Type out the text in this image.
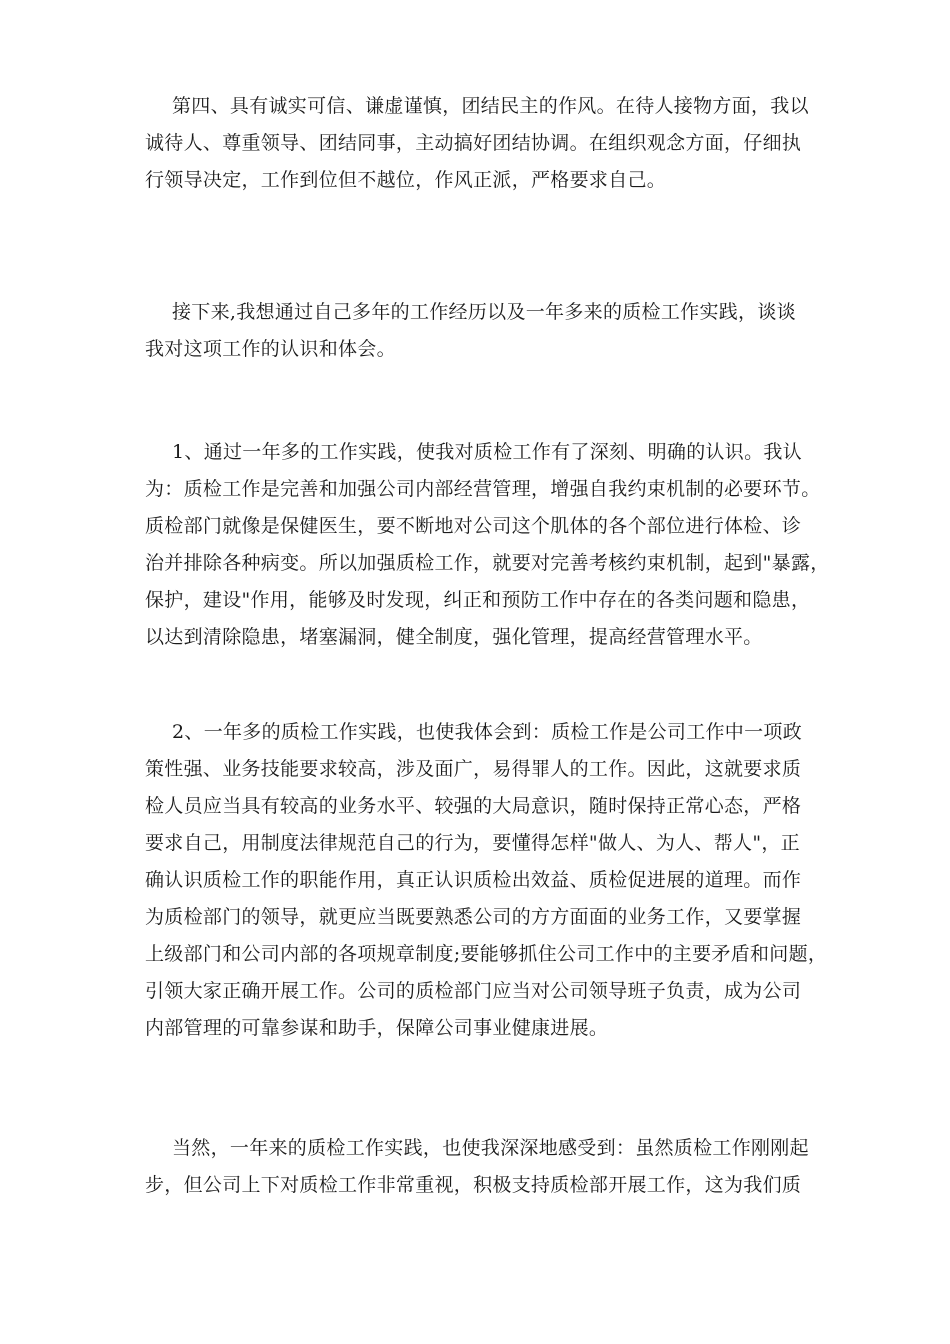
第四、具有诚实可信、谦虚谨慎，团结民主的作风。在待人接物方面，我以
诚待人、尊重领导、团结同事，主动搞好团结协调。在组织观念方面，仔细执
行领导决定，工作到位但不越位，作风正派，严格要求自己。
接下来,我想通过自己多年的工作经历以及一年多来的质检工作实践，谈谈
我对这项工作的认识和体会。
1、通过一年多的工作实践，使我对质检工作有了深刻、明确的认识。我认
为：质检工作是完善和加强公司内部经营管理，增强自我约束机制的必要环节。
质检部门就像是保健医生，要不断地对公司这个肌体的各个部位进行体检、诊
治并排除各种病变。所以加强质检工作，就要对完善考核约束机制，起到"暴露，
保护，建设"作用，能够及时发现，纠正和预防工作中存在的各类问题和隐患，
以达到清除隐患，堵塞漏洞，健全制度，强化管理，提高经营管理水平。
2、一年多的质检工作实践，也使我体会到：质检工作是公司工作中一项政
策性强、业务技能要求较高，涉及面广，易得罪人的工作。因此，这就要求质
检人员应当具有较高的业务水平、较强的大局意识，随时保持正常心态，严格
要求自己，用制度法律规范自己的行为，要懂得怎样"做人、为人、帮人"，正
确认识质检工作的职能作用，真正认识质检出效益、质检促进展的道理。而作
为质检部门的领导，就更应当既要熟悉公司的方方面面的业务工作，又要掌握
上级部门和公司内部的各项规章制度;要能够抓住公司工作中的主要矛盾和问题，
引领大家正确开展工作。公司的质检部门应当对公司领导班子负责，成为公司
内部管理的可靠参谋和助手，保障公司事业健康进展。
当然，一年来的质检工作实践，也使我深深地感受到：虽然质检工作刚刚起
步，但公司上下对质检工作非常重视，积极支持质检部开展工作，这为我们质
